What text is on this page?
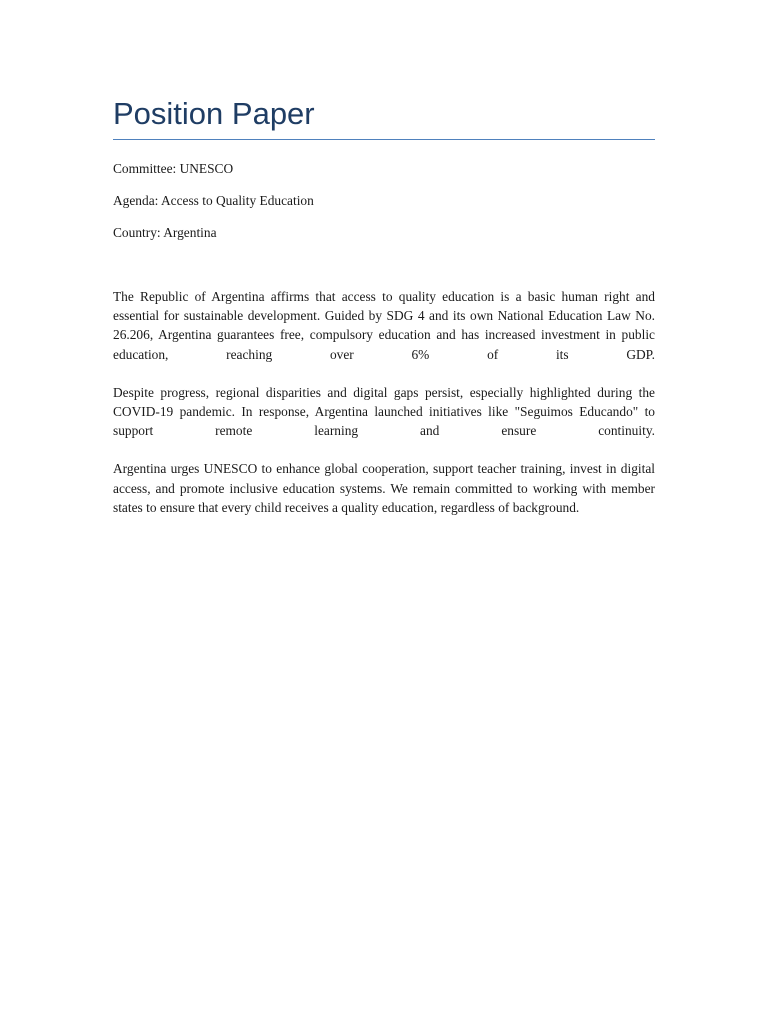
Position Paper

Committee: UNESCO

Agenda: Access to Quality Education

Country: Argentina

The Republic of Argentina affirms that access to quality education is a basic human right and essential for sustainable development. Guided by SDG 4 and its own National Education Law No. 26.206, Argentina guarantees free, compulsory education and has increased investment in public education, reaching over 6% of its GDP.

Despite progress, regional disparities and digital gaps persist, especially highlighted during the COVID-19 pandemic. In response, Argentina launched initiatives like "Seguimos Educando" to support remote learning and ensure continuity.

Argentina urges UNESCO to enhance global cooperation, support teacher training, invest in digital access, and promote inclusive education systems. We remain committed to working with member states to ensure that every child receives a quality education, regardless of background.
